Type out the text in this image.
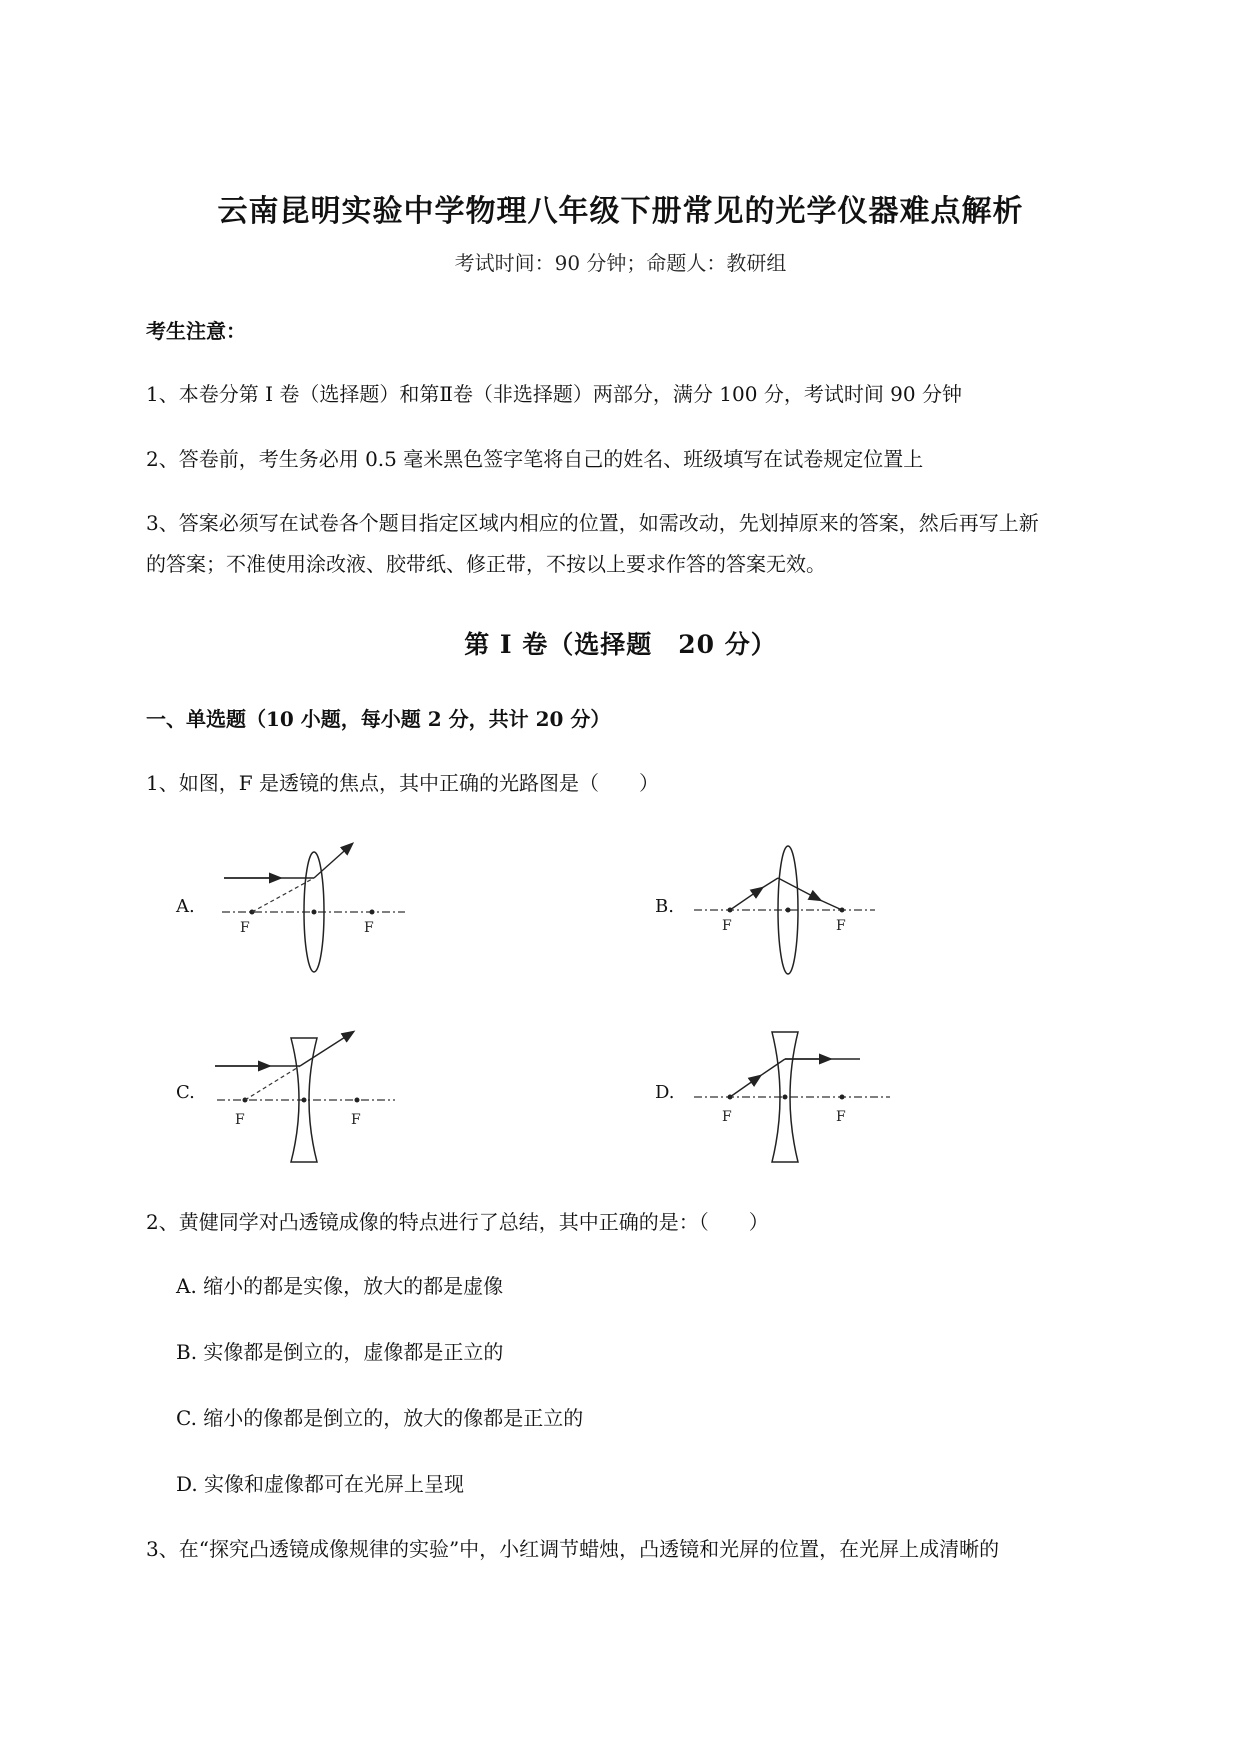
云南昆明实验中学物理八年级下册常见的光学仪器难点解析
考试时间：90 分钟；命题人：教研组
考生注意：
1、本卷分第 I 卷（选择题）和第Ⅱ卷（非选择题）两部分，满分 100 分，考试时间 90 分钟
2、答卷前，考生务必用 0.5 毫米黑色签字笔将自己的姓名、班级填写在试卷规定位置上
3、答案必须写在试卷各个题目指定区域内相应的位置，如需改动，先划掉原来的答案，然后再写上新
的答案；不准使用涂改液、胶带纸、修正带，不按以上要求作答的答案无效。
第 I 卷（选择题　20 分）
一、单选题（10 小题，每小题 2 分，共计 20 分）
1、如图，F 是透镜的焦点，其中正确的光路图是（　　）
A.	B.
C.	D.
F	F	F	F
F	F	F	F
2、黄健同学对凸透镜成像的特点进行了总结，其中正确的是：（　　）
A. 缩小的都是实像，放大的都是虚像
B. 实像都是倒立的，虚像都是正立的
C. 缩小的像都是倒立的，放大的像都是正立的
D. 实像和虚像都可在光屏上呈现
3、在“探究凸透镜成像规律的实验”中，小红调节蜡烛，凸透镜和光屏的位置，在光屏上成清晰的
